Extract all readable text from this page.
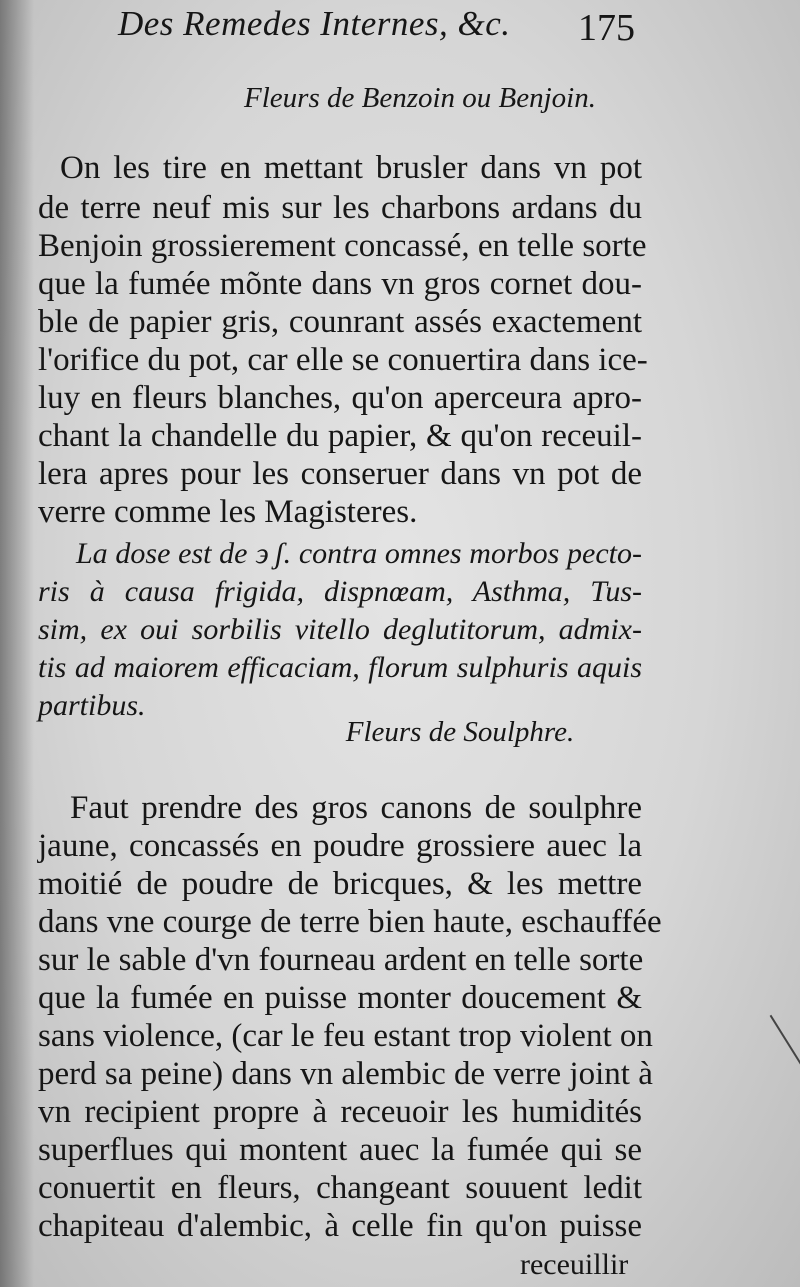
Des Remedes Internes, &c.	175
Fleurs de Benzoin ou Benjoin.
On les tire en mettant brusler dans vn pot
de terre neuf mis sur les charbons ardans du
Benjoin grossierement concassé, en telle sorte
que la fumée mõnte dans vn gros cornet dou-
ble de papier gris, counrant assés exactement
l'orifice du pot, car elle se conuertira dans ice-
luy en fleurs blanches, qu'on aperceura apro-
chant la chandelle du papier, & qu'on receuil-
lera apres pour les conseruer dans vn pot de
verre comme les Magisteres.
La dose est de ϶ ʃ. contra omnes morbos pecto-
ris à causa frigida, dispnœam, Asthma, Tus-
sim, ex oui sorbilis vitello deglutitorum, admix-
tis ad maiorem efficaciam, florum sulphuris aquis
partibus.
Fleurs de Soulphre.
Faut prendre des gros canons de soulphre
jaune, concassés en poudre grossiere auec la
moitié de poudre de bricques, & les mettre
dans vne courge de terre bien haute, eschauffée
sur le sable d'vn fourneau ardent en telle sorte
que la fumée en puisse monter doucement &
sans violence, (car le feu estant trop violent on
perd sa peine) dans vn alembic de verre joint à
vn recipient propre à receuoir les humidités
superflues qui montent auec la fumée qui se
conuertit en fleurs, changeant souuent ledit
chapiteau d'alembic, à celle fin qu'on puisse
receuillir
